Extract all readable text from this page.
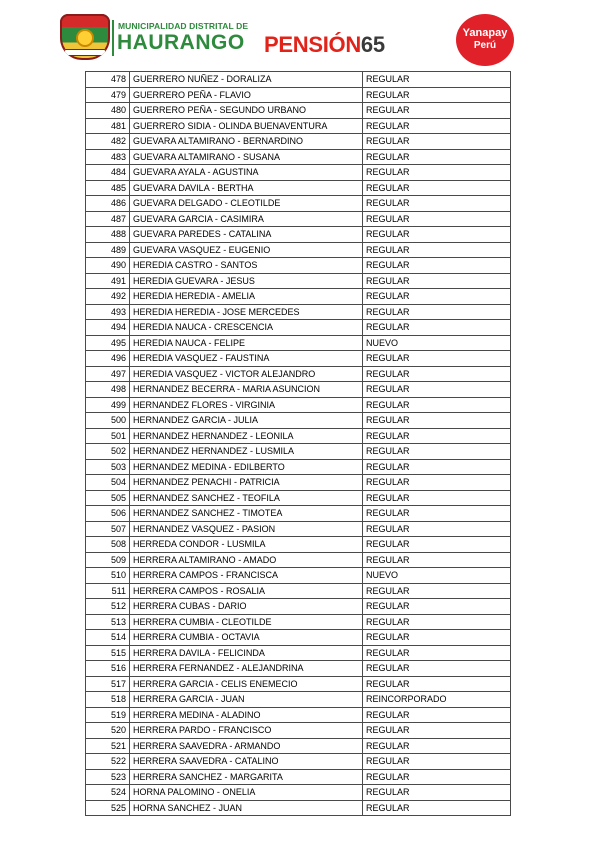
MUNICIPALIDAD DISTRITAL DE
HAURANGO PENSIÓN65	Yanapay
Perú
478	GUERRERO NUÑEZ - DORALIZA	REGULAR
479	GUERRERO PEÑA - FLAVIO	REGULAR
480	GUERRERO PEÑA - SEGUNDO URBANO	REGULAR
481	GUERRERO SIDIA - OLINDA BUENAVENTURA	REGULAR
482	GUEVARA ALTAMIRANO - BERNARDINO	REGULAR
483	GUEVARA ALTAMIRANO - SUSANA	REGULAR
484	GUEVARA AYALA - AGUSTINA	REGULAR
485	GUEVARA DAVILA - BERTHA	REGULAR
486	GUEVARA DELGADO - CLEOTILDE	REGULAR
487	GUEVARA GARCIA - CASIMIRA	REGULAR
488	GUEVARA PAREDES - CATALINA	REGULAR
489	GUEVARA VASQUEZ - EUGENIO	REGULAR
490	HEREDIA CASTRO - SANTOS	REGULAR
491	HEREDIA GUEVARA - JESUS	REGULAR
492	HEREDIA HEREDIA - AMELIA	REGULAR
493	HEREDIA HEREDIA - JOSE MERCEDES	REGULAR
494	HEREDIA NAUCA - CRESCENCIA	REGULAR
495	HEREDIA NAUCA - FELIPE	NUEVO
496	HEREDIA VASQUEZ - FAUSTINA	REGULAR
497	HEREDIA VASQUEZ - VICTOR ALEJANDRO	REGULAR
498	HERNANDEZ BECERRA - MARIA ASUNCION	REGULAR
499	HERNANDEZ FLORES - VIRGINIA	REGULAR
500	HERNANDEZ GARCIA - JULIA	REGULAR
501	HERNANDEZ HERNANDEZ - LEONILA	REGULAR
502	HERNANDEZ HERNANDEZ - LUSMILA	REGULAR
503	HERNANDEZ MEDINA - EDILBERTO	REGULAR
504	HERNANDEZ PENACHI - PATRICIA	REGULAR
505	HERNANDEZ SANCHEZ - TEOFILA	REGULAR
506	HERNANDEZ SANCHEZ - TIMOTEA	REGULAR
507	HERNANDEZ VASQUEZ - PASION	REGULAR
508	HERREDA CONDOR - LUSMILA	REGULAR
509	HERRERA ALTAMIRANO - AMADO	REGULAR
510	HERRERA CAMPOS - FRANCISCA	NUEVO
511	HERRERA CAMPOS - ROSALIA	REGULAR
512	HERRERA CUBAS - DARIO	REGULAR
513	HERRERA CUMBIA - CLEOTILDE	REGULAR
514	HERRERA CUMBIA - OCTAVIA	REGULAR
515	HERRERA DAVILA - FELICINDA	REGULAR
516	HERRERA FERNANDEZ - ALEJANDRINA	REGULAR
517	HERRERA GARCIA - CELIS ENEMECIO	REGULAR
518	HERRERA GARCIA - JUAN	REINCORPORADO
519	HERRERA MEDINA - ALADINO	REGULAR
520	HERRERA PARDO - FRANCISCO	REGULAR
521	HERRERA SAAVEDRA - ARMANDO	REGULAR
522	HERRERA SAAVEDRA - CATALINO	REGULAR
523	HERRERA SANCHEZ - MARGARITA	REGULAR
524	HORNA PALOMINO - ONELIA	REGULAR
525	HORNA SANCHEZ - JUAN	REGULAR
